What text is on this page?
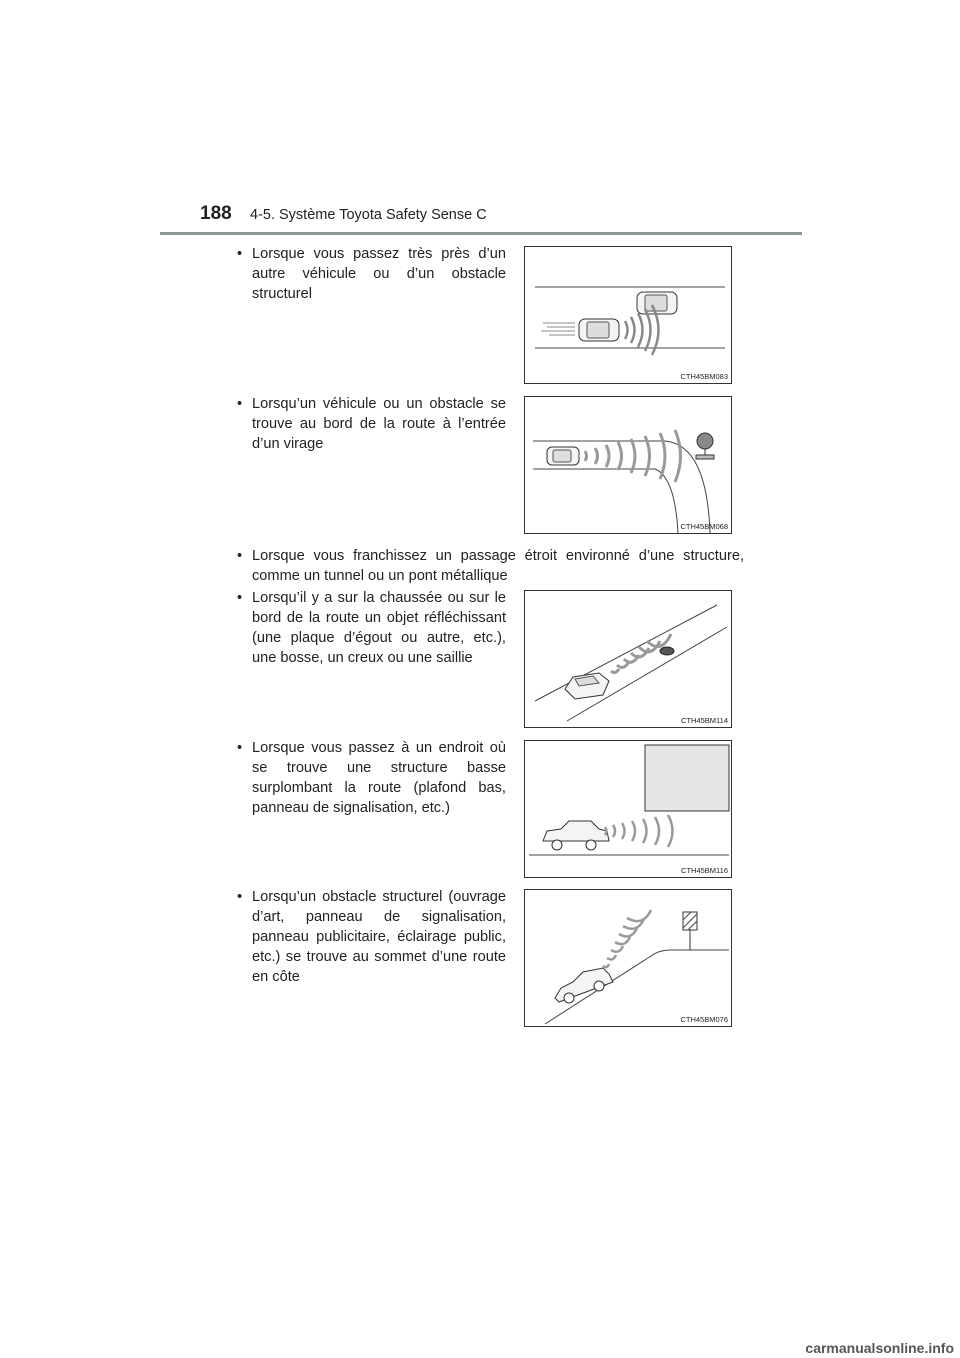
188 4-5. Système Toyota Safety Sense C
• Lorsque vous passez très près d’un autre véhicule ou d’un obstacle structurel
CTH45BM083
• Lorsqu’un véhicule ou un obstacle se trouve au bord de la route à l’entrée d’un virage
CTH45BM068
• Lorsque vous franchissez un passage étroit environné d’une structure, comme un tunnel ou un pont métallique
• Lorsqu’il y a sur la chaussée ou sur le bord de la route un objet réfléchissant (une plaque d’égout ou autre, etc.), une bosse, un creux ou une saillie
CTH45BM114
• Lorsque vous passez à un endroit où se trouve une structure basse surplombant la route (plafond bas, panneau de signalisation, etc.)
CTH45BM116
• Lorsqu’un obstacle structurel (ouvrage d’art, panneau de signalisation, panneau publicitaire, éclairage public, etc.) se trouve au sommet d’une route en côte
CTH45BM076
carmanualsonline.info
